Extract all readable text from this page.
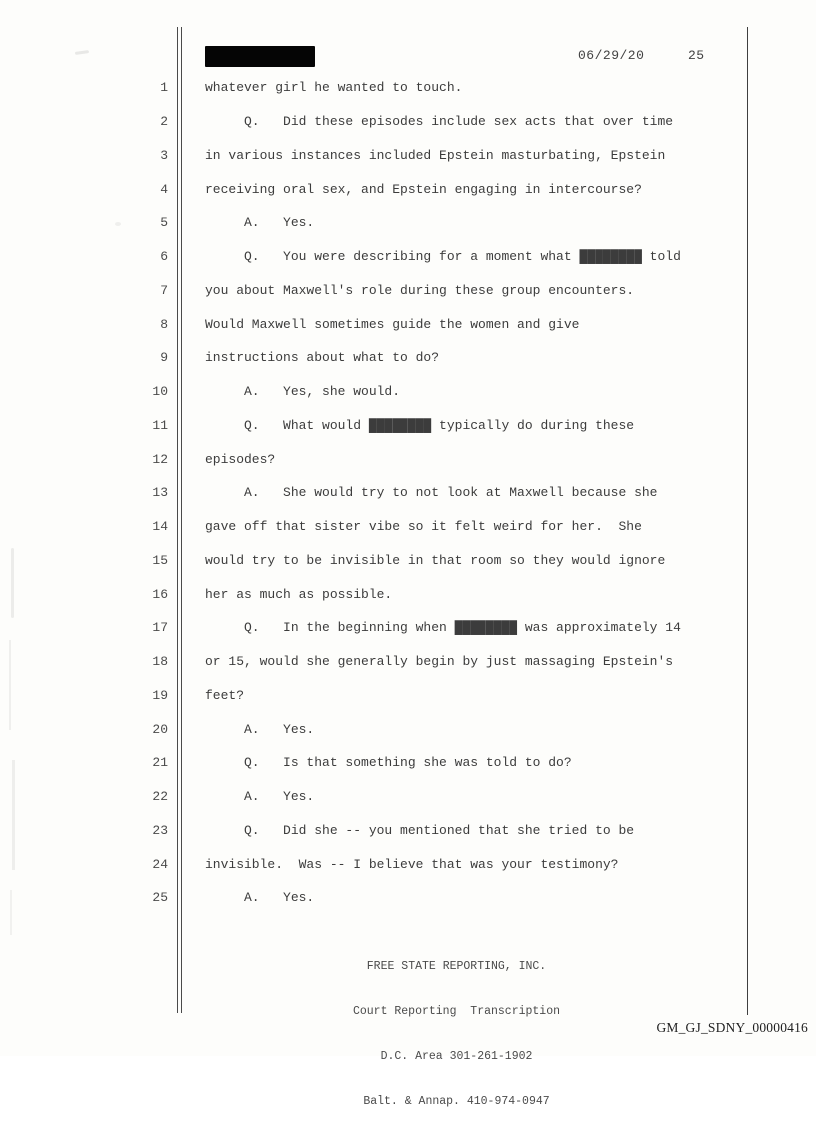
06/29/20	25
1	whatever girl he wanted to touch.
2	Q.   Did these episodes include sex acts that over time
3	in various instances included Epstein masturbating, Epstein
4	receiving oral sex, and Epstein engaging in intercourse?
5	A.   Yes.
6	Q.   You were describing for a moment what ████████ told
7	you about Maxwell's role during these group encounters.
8	Would Maxwell sometimes guide the women and give
9	instructions about what to do?
10	A.   Yes, she would.
11	Q.   What would ████████ typically do during these
12	episodes?
13	A.   She would try to not look at Maxwell because she
14	gave off that sister vibe so it felt weird for her.  She
15	would try to be invisible in that room so they would ignore
16	her as much as possible.
17	Q.   In the beginning when ████████ was approximately 14
18	or 15, would she generally begin by just massaging Epstein's
19	feet?
20	A.   Yes.
21	Q.   Is that something she was told to do?
22	A.   Yes.
23	Q.   Did she -- you mentioned that she tried to be
24	invisible.  Was -- I believe that was your testimony?
25	A.   Yes.

FREE STATE REPORTING, INC.

Court Reporting  Transcription

D.C. Area 301-261-1902

Balt. & Annap. 410-974-0947

GM_GJ_SDNY_00000416
